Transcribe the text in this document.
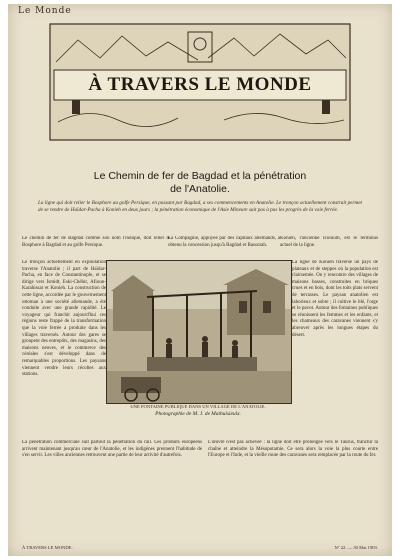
Le Monde
À TRAVERS LE MONDE
Le Chemin de fer de Bagdad et la pénétration
de l'Anatolie.
La ligne qui doit relier le Bosphore au golfe Persique, en passant par Bagdad, a ses commencements en Anatolie. Le tronçon actuellement construit permet de se rendre de Haïdar-Pacha à Konieh en deux jours ; la pénétration économique de l'Asie Mineure suit pas à pas les progrès de la voie ferrée.
Le chemin de fer de Bagdad comme son nom l'indique, doit relier le Bosphore à Bagdad et au golfe Persique.
La Compagnie, appuyée par des capitaux allemands, a obtenu la concession jusqu'à Bagdad et Bassorah.
Konieh, l'ancienne Iconium, est le terminus actuel de la ligne.
Le tronçon actuellement en exploitation traverse l'Anatolie ; il part de Haïdar-Pacha, en face de Constantinople, et se dirige vers Ismidt, Eski-Chéhir, Afioun-Karahissar et Konieh. La construction de cette ligne, accordée par le gouvernement ottoman à une société allemande, a été conduite avec une grande rapidité. Le voyageur qui franchit aujourd'hui ces régions reste frappé de la transformation que la voie ferrée a produite dans les villages traversés. Autour des gares se groupent des entrepôts, des magasins, des maisons neuves, et le commerce des céréales s'est développé dans de remarquables proportions. Les paysans viennent vendre leurs récoltes aux stations.
La ligne de Konieh traverse un pays de plateaux et de steppes où la population est clairsemée. On y rencontre des villages de maisons basses, construites en briques crues et en bois, dont les toits plats servent de terrasses. Le paysan anatolien est laborieux et sobre ; il cultive le blé, l'orge et le pavot. Autour des fontaines publiques se réunissent les femmes et les enfants, et les chameaux des caravanes viennent s'y abreuver après les longues étapes du désert.
UNE FONTAINE PUBLIQUE DANS UN VILLAGE DE L'ANATOLIE.
Photographie de M. J. de Mathuisieulx.
La pénétration commerciale suit partout la pénétration du rail. Les produits européens arrivent maintenant jusqu'au cœur de l'Anatolie, et les indigènes prennent l'habitude de s'en servir. Les villes anciennes retrouvent une partie de leur activité d'autrefois.
L'œuvre n'est pas achevée : la ligne doit être prolongée vers le Taurus, franchir la chaîne et atteindre la Mésopotamie. Ce sera alors la voie la plus courte entre l'Europe et l'Inde, et la vieille route des caravanes sera remplacée par la route du fer.
À TRAVERS LE MONDE.	N° 22. — 30 Mai 1903.
